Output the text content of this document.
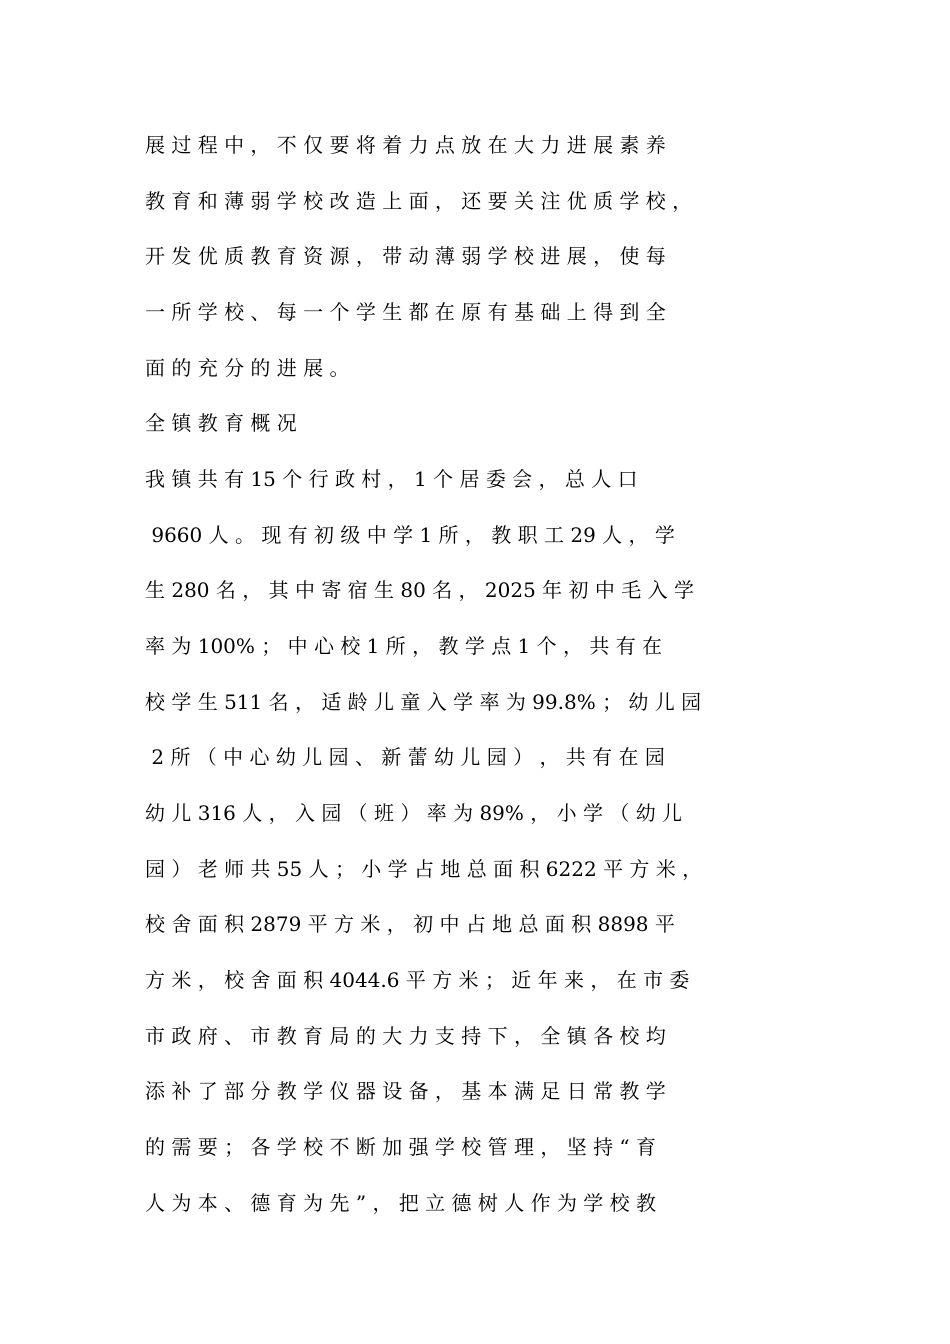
展 过 程 中 ， 不 仅 要 将 着 力 点 放 在 大 力 进 展 素 养
教 育 和 薄 弱 学 校 改 造 上 面 ， 还 要 关 注 优 质 学 校 ，
开 发 优 质 教 育 资 源 ， 带 动 薄 弱 学 校 进 展 ， 使 每
一 所 学 校 、 每 一 个 学 生 都 在 原 有 基 础 上 得 到 全
面 的 充 分 的 进 展 。
全 镇 教 育 概 况
我 镇 共 有 15 个 行 政 村 ， 1 个 居 委 会 ， 总 人 口
9660 人 。 现 有 初 级 中 学 1 所 ， 教 职 工 29 人 ， 学
生 280 名 ， 其 中 寄 宿 生 80 名 ， 2025 年 初 中 毛 入 学
率 为 100% ； 中 心 校 1 所 ， 教 学 点 1 个 ， 共 有 在
校 学 生 511 名 ， 适 龄 儿 童 入 学 率 为 99.8% ； 幼 儿 园
2 所 （ 中 心 幼 儿 园 、 新 蕾 幼 儿 园 ） ， 共 有 在 园
幼 儿 316 人 ， 入 园 （ 班 ） 率 为 89% ， 小 学 （ 幼 儿
园 ） 老 师 共 55 人 ； 小 学 占 地 总 面 积 6222 平 方 米 ，
校 舍 面 积 2879 平 方 米 ， 初 中 占 地 总 面 积 8898 平
方 米 ， 校 舍 面 积 4044.6 平 方 米 ； 近 年 来 ， 在 市 委
市 政 府 、 市 教 育 局 的 大 力 支 持 下 ， 全 镇 各 校 均
添 补 了 部 分 教 学 仪 器 设 备 ， 基 本 满 足 日 常 教 学
的 需 要 ； 各 学 校 不 断 加 强 学 校 管 理 ， 坚 持 “ 育
人 为 本 、 德 育 为 先 ” ， 把 立 德 树 人 作 为 学 校 教
